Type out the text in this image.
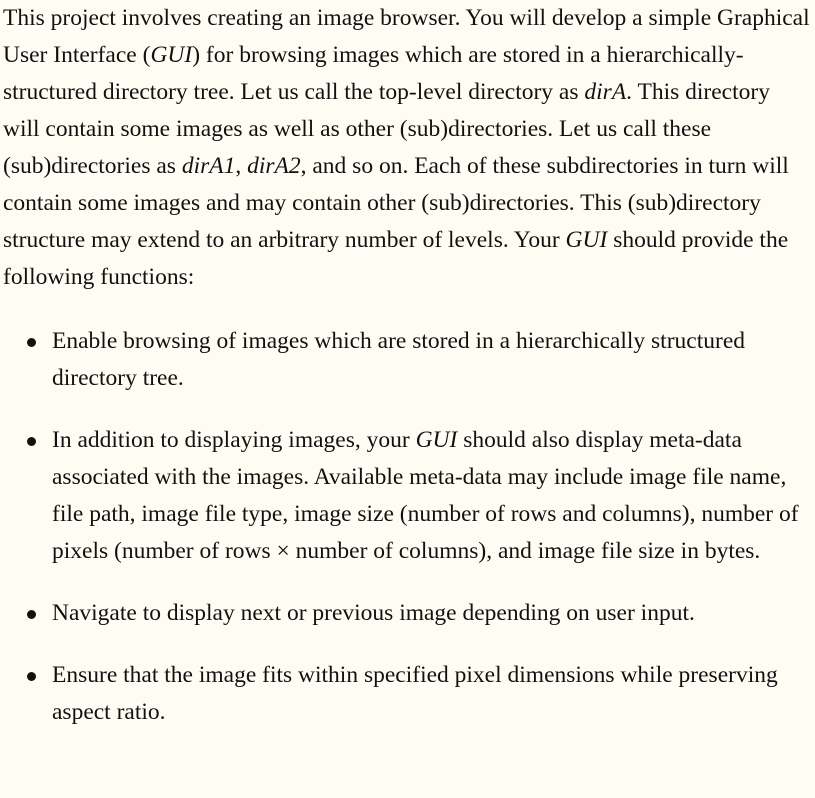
This project involves creating an image browser. You will develop a simple Graphical User Interface (GUI) for browsing images which are stored in a hierarchically-structured directory tree. Let us call the top-level directory as dirA. This directory will contain some images as well as other (sub)directories. Let us call these (sub)directories as dirA1, dirA2, and so on. Each of these subdirectories in turn will contain some images and may contain other (sub)directories. This (sub)directory structure may extend to an arbitrary number of levels. Your GUI should provide the following functions:

Enable browsing of images which are stored in a hierarchically structured directory tree.
In addition to displaying images, your GUI should also display meta-data associated with the images. Available meta-data may include image file name, file path, image file type, image size (number of rows and columns), number of pixels (number of rows × number of columns), and image file size in bytes.
Navigate to display next or previous image depending on user input.
Ensure that the image fits within specified pixel dimensions while preserving aspect ratio.
